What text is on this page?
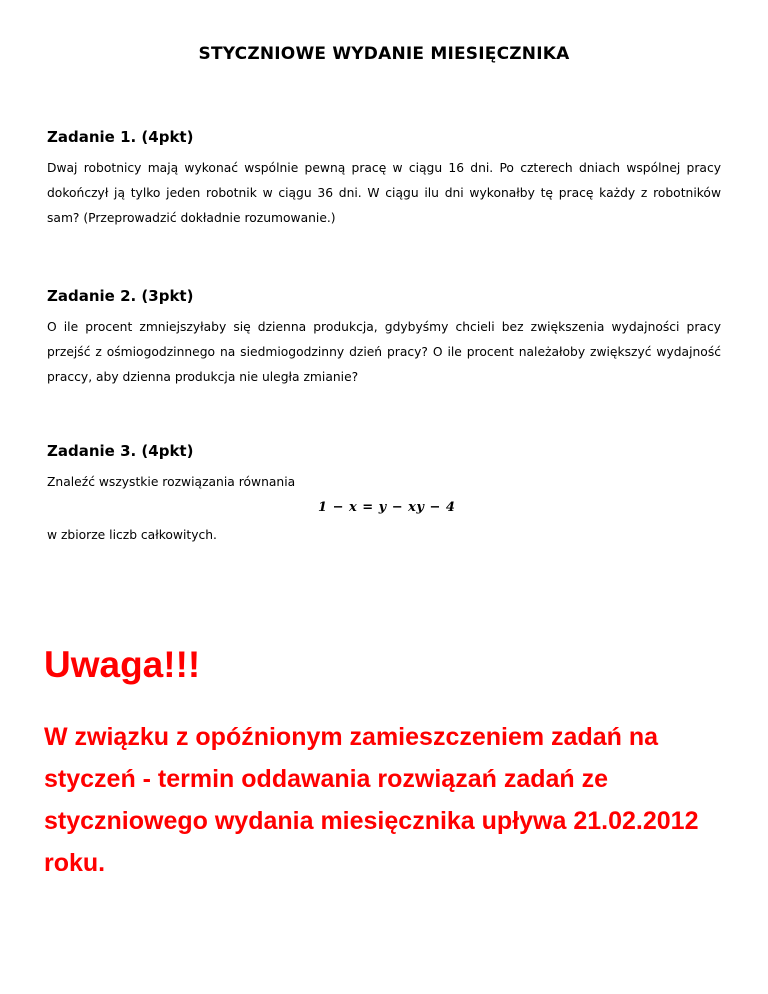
STYCZNIOWE WYDANIE MIESIĘCZNIKA

Zadanie 1. (4pkt)

Dwaj robotnicy mają wykonać wspólnie pewną pracę w ciągu 16 dni. Po czterech dniach wspólnej pracy dokończył ją tylko jeden robotnik w ciągu 36 dni. W ciągu ilu dni wykonałby tę pracę każdy z robotników sam? (Przeprowadzić dokładnie rozumowanie.)

Zadanie 2. (3pkt)

O ile procent zmniejszyłaby się dzienna produkcja, gdybyśmy chcieli bez zwiększenia wydajności pracy przejść z ośmiogodzinnego na siedmiogodzinny dzień pracy? O ile procent należałoby zwiększyć wydajność praccy, aby dzienna produkcja nie uległa zmianie?

Zadanie 3. (4pkt)

Znaleźć wszystkie rozwiązania równania

1 − x = y − xy − 4
w zbiorze liczb całkowitych.
Uwaga!!!
W związku z opóźnionym zamieszczeniem zadań na styczeń - termin oddawania rozwiązań zadań ze stycznioweg​o wydania miesięcznika upływa 21.02.2012 roku.
